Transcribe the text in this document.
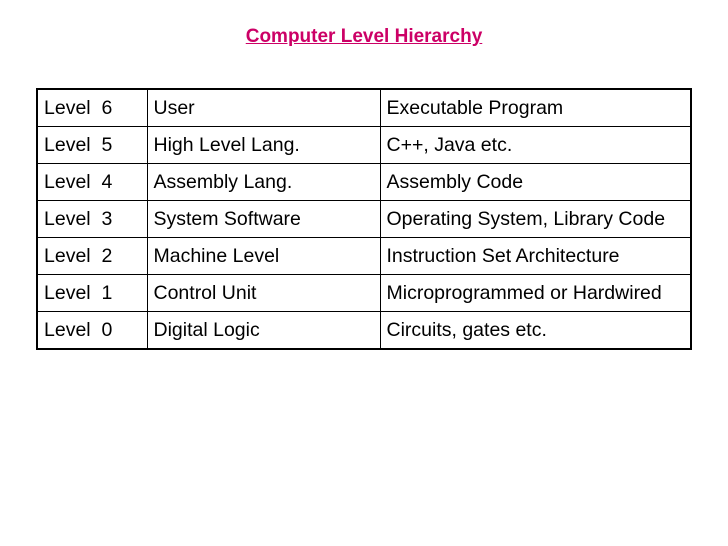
Computer Level Hierarchy
Level  6	User	Executable Program
Level  5	High Level Lang.	C++, Java etc.
Level  4	Assembly Lang.	Assembly Code
Level  3	System Software	Operating System, Library Code
Level  2	Machine Level	Instruction Set Architecture
Level  1	Control Unit	Microprogrammed or Hardwired
Level  0	Digital Logic	Circuits, gates etc.
